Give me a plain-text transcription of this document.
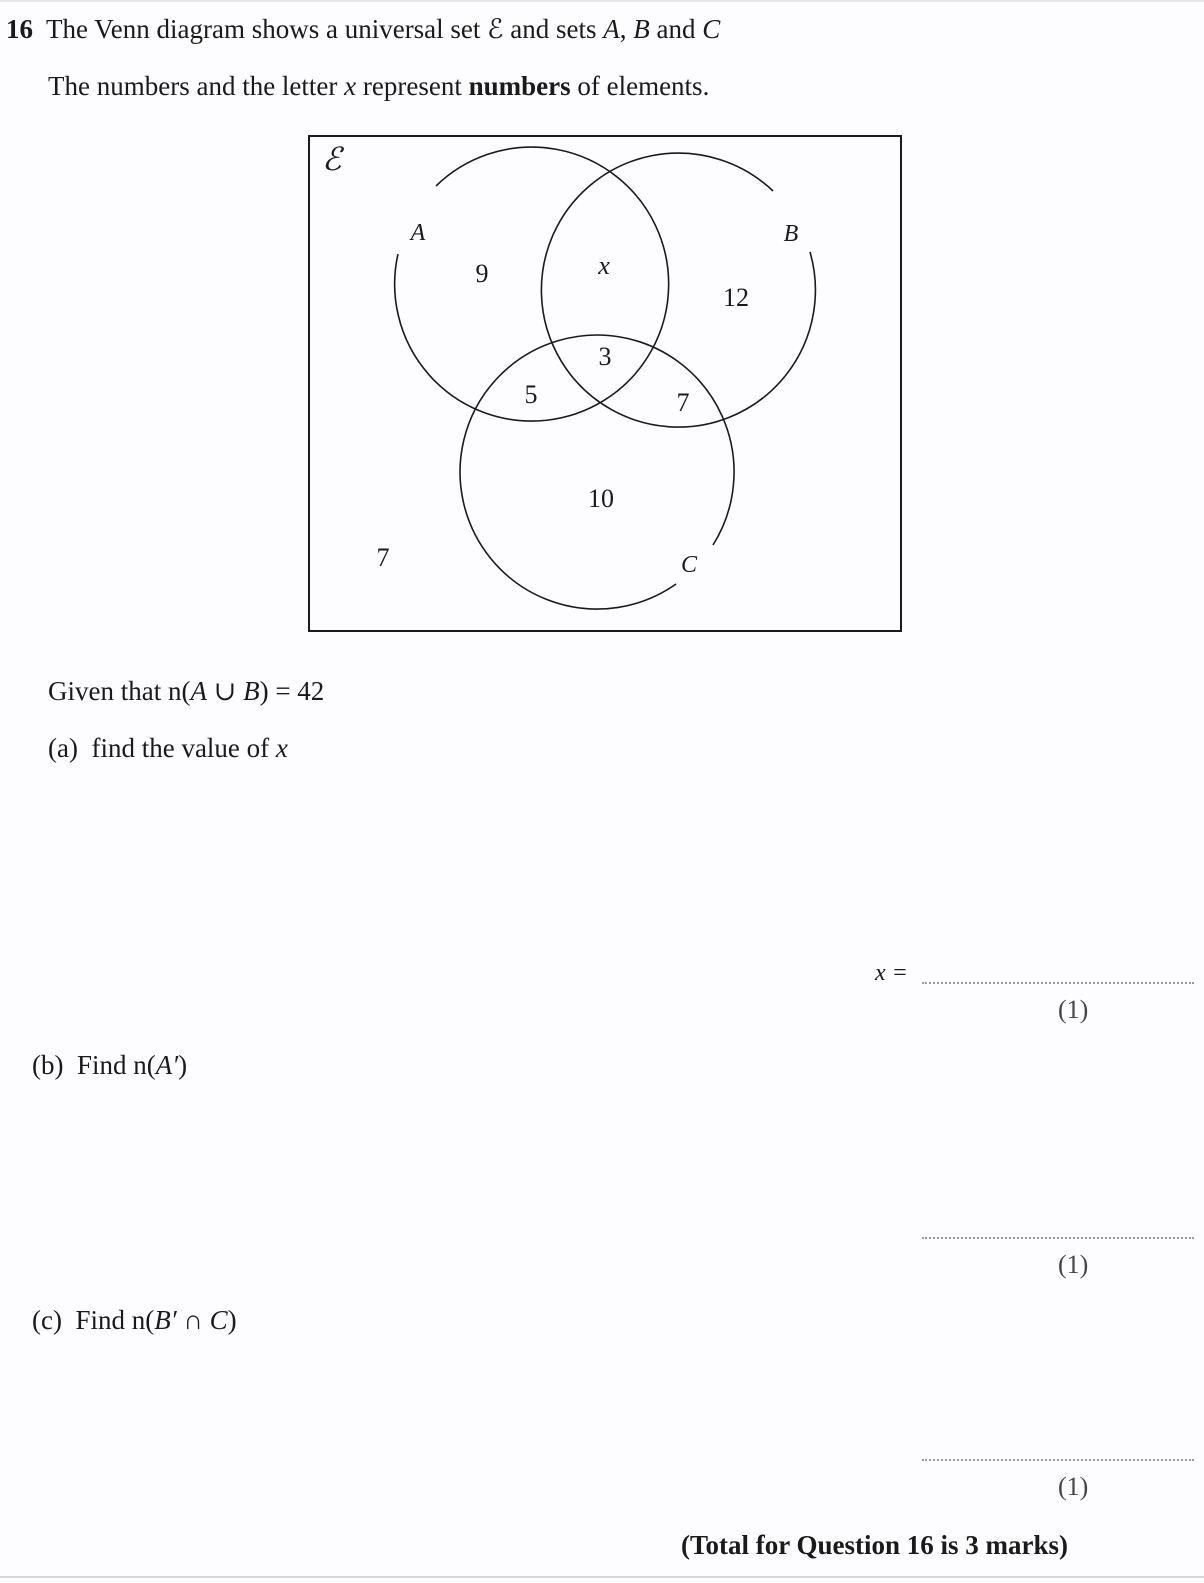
16 The Venn diagram shows a universal set ℰ and sets A, B and C
The numbers and the letter x represent numbers of elements.
ℰ
A	B
C
9	x
12
3
5	7
10
7
Given that n(A ∪ B) = 42
(a) find the value of x
x =
(1)
(b) Find n(A′)
(1)
(c) Find n(B′ ∩ C)
(1)
(Total for Question 16 is 3 marks)
